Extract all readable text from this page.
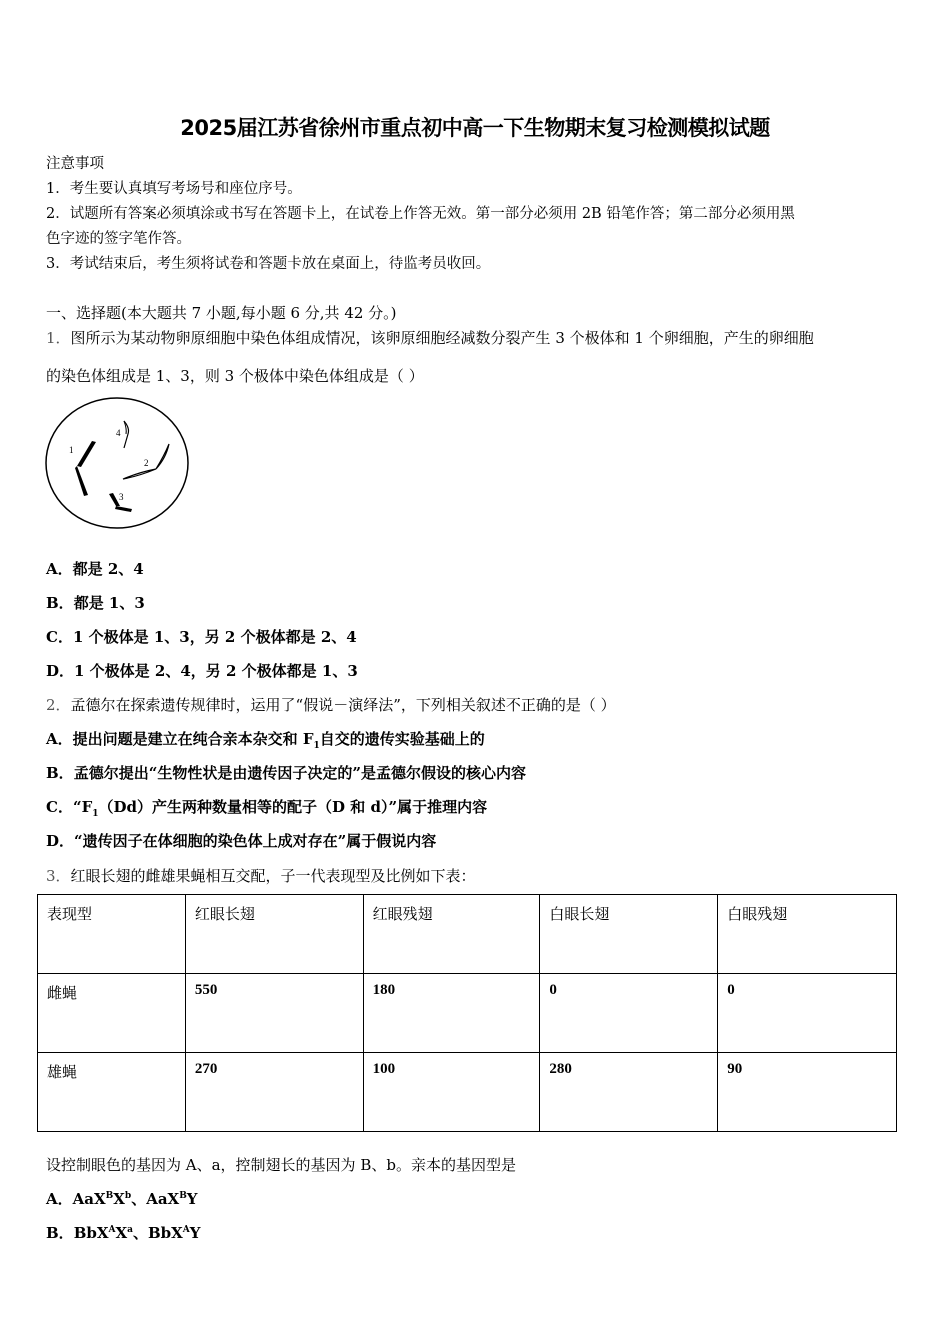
2025届江苏省徐州市重点初中高一下生物期末复习检测模拟试题
注意事项
1．考生要认真填写考场号和座位序号。
2．试题所有答案必须填涂或书写在答题卡上，在试卷上作答无效。第一部分必须用 2B 铅笔作答；第二部分必须用黑
色字迹的签字笔作答。
3．考试结束后，考生须将试卷和答题卡放在桌面上，待监考员收回。
一、选择题(本大题共 7 小题,每小题 6 分,共 42 分。)
1．图所示为某动物卵原细胞中染色体组成情况，该卵原细胞经减数分裂产生 3 个极体和 1 个卵细胞，产生的卵细胞
的染色体组成是 1、3，则 3 个极体中染色体组成是（ ）
1
4
2
3
A．都是 2、4
B．都是 1、3
C．1 个极体是 1、3，另 2 个极体都是 2、4
D．1 个极体是 2、4，另 2 个极体都是 1、3
2．孟德尔在探索遗传规律时，运用了“假说－演绎法”，下列相关叙述不正确的是（ ）
A．提出问题是建立在纯合亲本杂交和 $F_1$自交的遗传实验基础上的
B．孟德尔提出“生物性状是由遗传因子决定的”是孟德尔假设的核心内容
C．“$F_1(Dd)$产生两种数量相等的配子（D 和 d）”属于推理内容
D．“遗传因子在体细胞的染色体上成对存在”属于假说内容
3．红眼长翅的雌雄果蝇相互交配，子一代表现型及比例如下表：
表现型	红眼长翅	红眼残翅	白眼长翅	白眼残翅
雌蝇	550	180	0	0
雄蝇	270	100	280	90
设控制眼色的基因为 A、a，控制翅长的基因为 B、b。亲本的基因型是
A．$AaX^BX^b$、AaX$^B$Y
B．$BbX^AX^a$、BbX$^A$Y
